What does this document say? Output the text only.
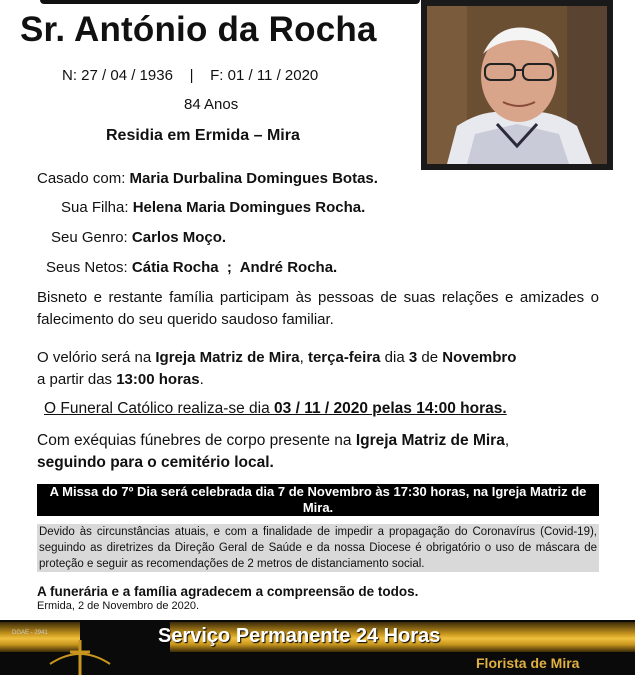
Sr. António da Rocha
N: 27 / 04 / 1936    |    F: 01 / 11 / 2020
84 Anos
Residia em Ermida – Mira
Casado com: Maria Durbalina Domingues Botas.
Sua Filha: Helena Maria Domingues Rocha.
Seu Genro: Carlos Moço.
Seus Netos: Cátia Rocha  ;  André Rocha.
Bisneto e restante família participam às pessoas de suas relações e amizades o falecimento do seu querido saudoso familiar.
O velório será na Igreja Matriz de Mira, terça-feira dia 3 de Novembro
a partir das 13:00 horas.
O Funeral Católico realiza-se dia 03 / 11 / 2020 pelas 14:00 horas.
Com exéquias fúnebres de corpo presente na Igreja Matriz de Mira,
seguindo para o cemitério local.
A Missa do 7º Dia será celebrada dia 7 de Novembro às 17:30 horas, na Igreja Matriz de Mira.
Devido às circunstâncias atuais, e com a finalidade de impedir a propagação do Coronavírus (Covid-19), seguindo as diretrizes da Direção Geral de Saúde e da nossa Diocese é obrigatório o uso de máscara de proteção e seguir as recomendações de 2 metros de distanciamento social.
A funerária e a família agradecem a compreensão de todos.
Ermida, 2 de Novembro de 2020.
DGAE - 2941	Serviço Permanente 24 Horas
Florista de Mira
